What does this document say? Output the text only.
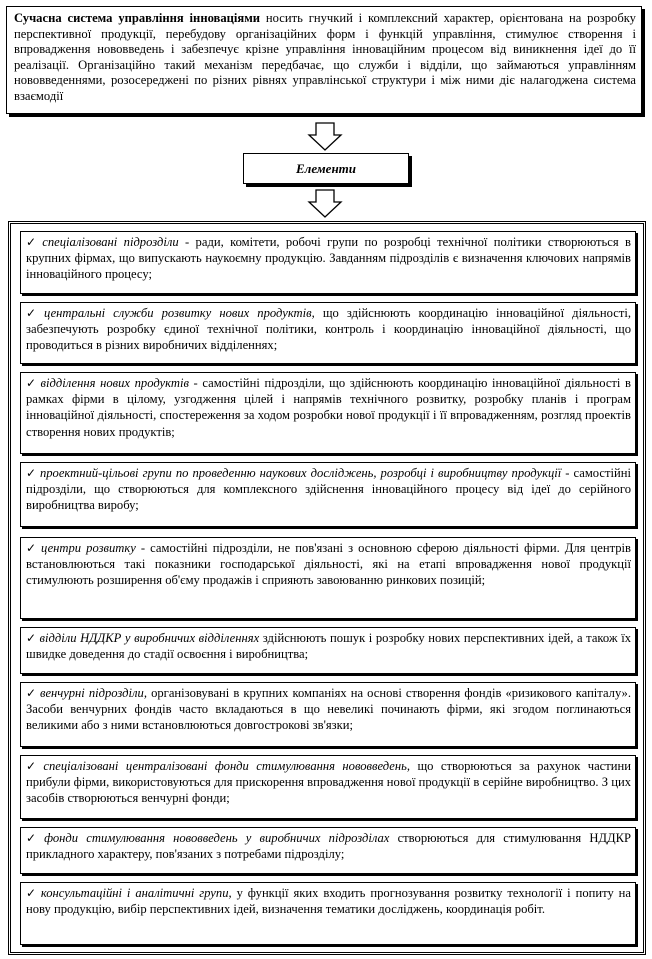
Сучасна система управління інноваціями носить гнучкий і комплексний характер, орієнтована на розробку перспективної продукції, перебудову організаційних форм і функцій управління, стимулює створення і впровадження нововведень і забезпечує крізне управління інноваційним процесом від виникнення ідеї до її реалізації. Організаційно такий механізм передбачає, що служби і відділи, що займаються управлінням нововведеннями, розосереджені по різних рівнях управлінської структури і між ними діє налагоджена система взаємодії
Елементи
✓ спеціалізовані підрозділи - ради, комітети, робочі групи по розробці технічної політики створюються в крупних фірмах, що випускають наукоємну продукцію. Завданням підрозділів є визначення ключових напрямів інноваційного процесу;
✓ центральні служби розвитку нових продуктів, що здійснюють координацію інноваційної діяльності, забезпечують розробку єдиної технічної політики, контроль і координацію інноваційної діяльності, що проводиться в різних виробничих відділеннях;
✓ відділення нових продуктів - самостійні підрозділи, що здійснюють координацію інноваційної діяльності в рамках фірми в цілому, узгодження цілей і напрямів технічного розвитку, розробку планів і програм інноваційної діяльності, спостереження за ходом розробки нової продукції і її впровадженням, розгляд проектів створення нових продуктів;
✓ проектний-цільові групи по проведенню наукових досліджень, розробці і виробництву продукції - самостійні підрозділи, що створюються для комплексного здійснення інноваційного процесу від ідеї до серійного виробництва виробу;
✓ центри розвитку - самостійні підрозділи, не пов'язані з основною сферою діяльності фірми. Для центрів встановлюються такі показники господарської діяльності, які на етапі впровадження нової продукції стимулюють розширення об'єму продажів і сприяють завоюванню ринкових позицій;
✓ відділи НДДКР у виробничих відділеннях здійснюють пошук і розробку нових перспективних ідей, а також їх швидке доведення до стадії освоєння і виробництва;
✓ венчурні підрозділи, організовувані в крупних компаніях на основі створення фондів «ризикового капіталу». Засоби венчурних фондів часто вкладаються в що невеликі починають фірми, які згодом поглинаються великими або з ними встановлюються довгострокові зв'язки;
✓ спеціалізовані централізовані фонди стимулювання нововведень, що створюються за рахунок частини прибули фірми, використовуються для прискорення впровадження нової продукції в серійне виробництво. З цих засобів створюються венчурні фонди;
✓ фонди стимулювання нововведень у виробничих підрозділах створюються для стимулювання НДДКР прикладного характеру, пов'язаних з потребами підрозділу;
✓ консультаційні і аналітичні групи, у функції яких входить прогнозування розвитку технології і попиту на нову продукцію, вибір перспективних ідей, визначення тематики досліджень, координація робіт.
